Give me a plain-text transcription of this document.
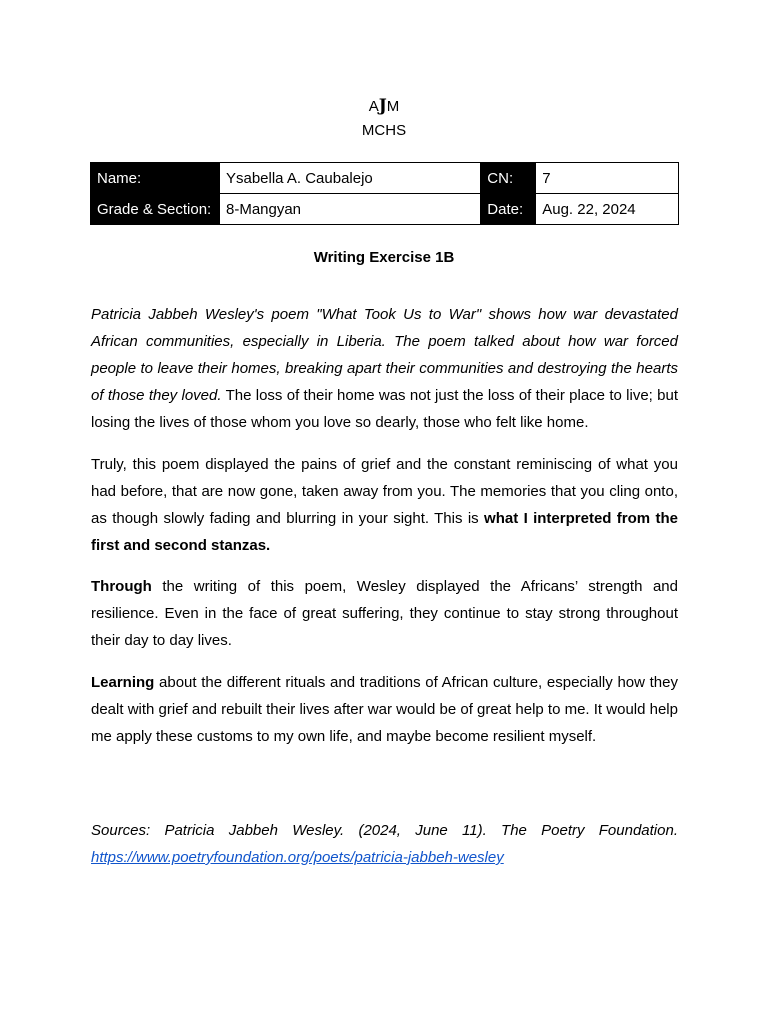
AJM
MCHS
Name:	Ysabella A. Caubalejo	CN:	7
Grade & Section:	8-Mangyan	Date:	Aug. 22, 2024
Writing Exercise 1B

Patricia Jabbeh Wesley's poem "What Took Us to War" shows how war devastated African communities, especially in Liberia. The poem talked about how war forced people to leave their homes, breaking apart their communities and destroying the hearts of those they loved. The loss of their home was not just the loss of their place to live; but losing the lives of those whom you love so dearly, those who felt like home.

Truly, this poem displayed the pains of grief and the constant reminiscing of what you had before, that are now gone, taken away from you. The memories that you cling onto, as though slowly fading and blurring in your sight. This is what I interpreted from the first and second stanzas.

Through the writing of this poem, Wesley displayed the Africans’ strength and resilience. Even in the face of great suffering, they continue to stay strong throughout their day to day lives.

Learning about the different rituals and traditions of African culture, especially how they dealt with grief and rebuilt their lives after war would be of great help to me. It would help me apply these customs to my own life, and maybe become resilient myself.

Sources: Patricia Jabbeh Wesley. (2024, June 11). The Poetry Foundation. https://www.poetryfoundation.org/poets/patricia-jabbeh-wesley
